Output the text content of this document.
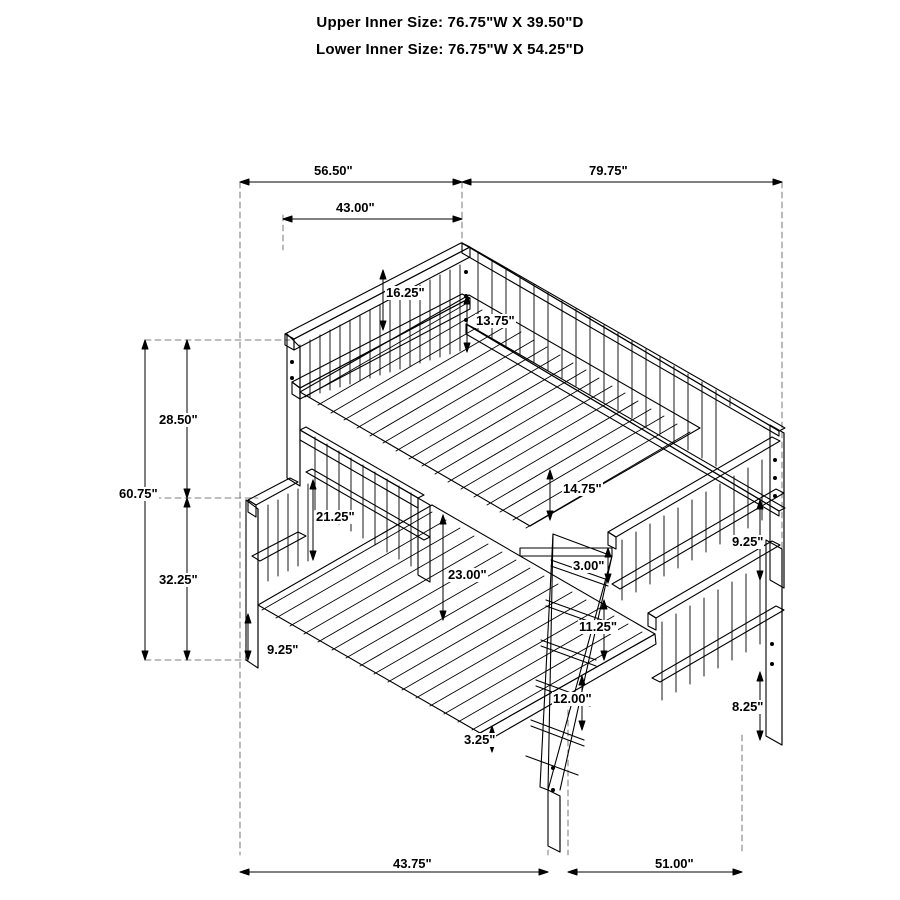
Upper Inner Size: 76.75"W X 39.50"D
Lower Inner Size: 76.75"W X 54.25"D
56.50"	79.75"
43.00"
16.25"
13.75"
28.50"
60.75"
21.25"
14.75"
9.25"
3.00"
32.25"	23.00"
11.25"
9.25"
12.00"
8.25"
3.25"
43.75"	51.00"
